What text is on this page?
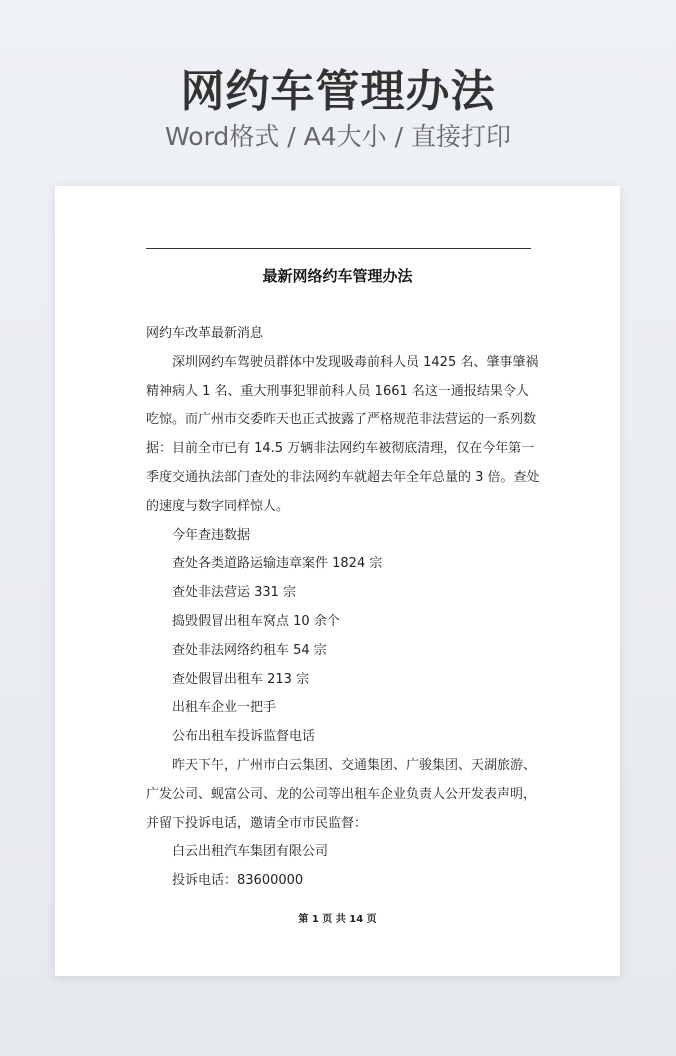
网约车管理办法
Word格式 / A4大小 / 直接打印
最新网络约车管理办法

网约车改革最新消息

深圳网约车驾驶员群体中发现吸毒前科人员 1425 名、肇事肇祸精神病人 1 名、重大刑事犯罪前科人员 1661 名这一通报结果令人吃惊。而广州市交委昨天也正式披露了严格规范非法营运的一系列数据：目前全市已有 14.5 万辆非法网约车被彻底清理，仅在今年第一季度交通执法部门查处的非法网约车就超去年全年总量的 3 倍。查处的速度与数字同样惊人。

今年查违数据

查处各类道路运输违章案件 1824 宗

查处非法营运 331 宗

捣毁假冒出租车窝点 10 余个

查处非法网络约租车 54 宗

查处假冒出租车 213 宗

出租车企业一把手

公布出租车投诉监督电话

昨天下午，广州市白云集团、交通集团、广骏集团、天湖旅游、广发公司、蚬富公司、龙的公司等出租车企业负责人公开发表声明，并留下投诉电话，邀请全市市民监督：

白云出租汽车集团有限公司

投诉电话：83600000

第 1 页 共 14 页
